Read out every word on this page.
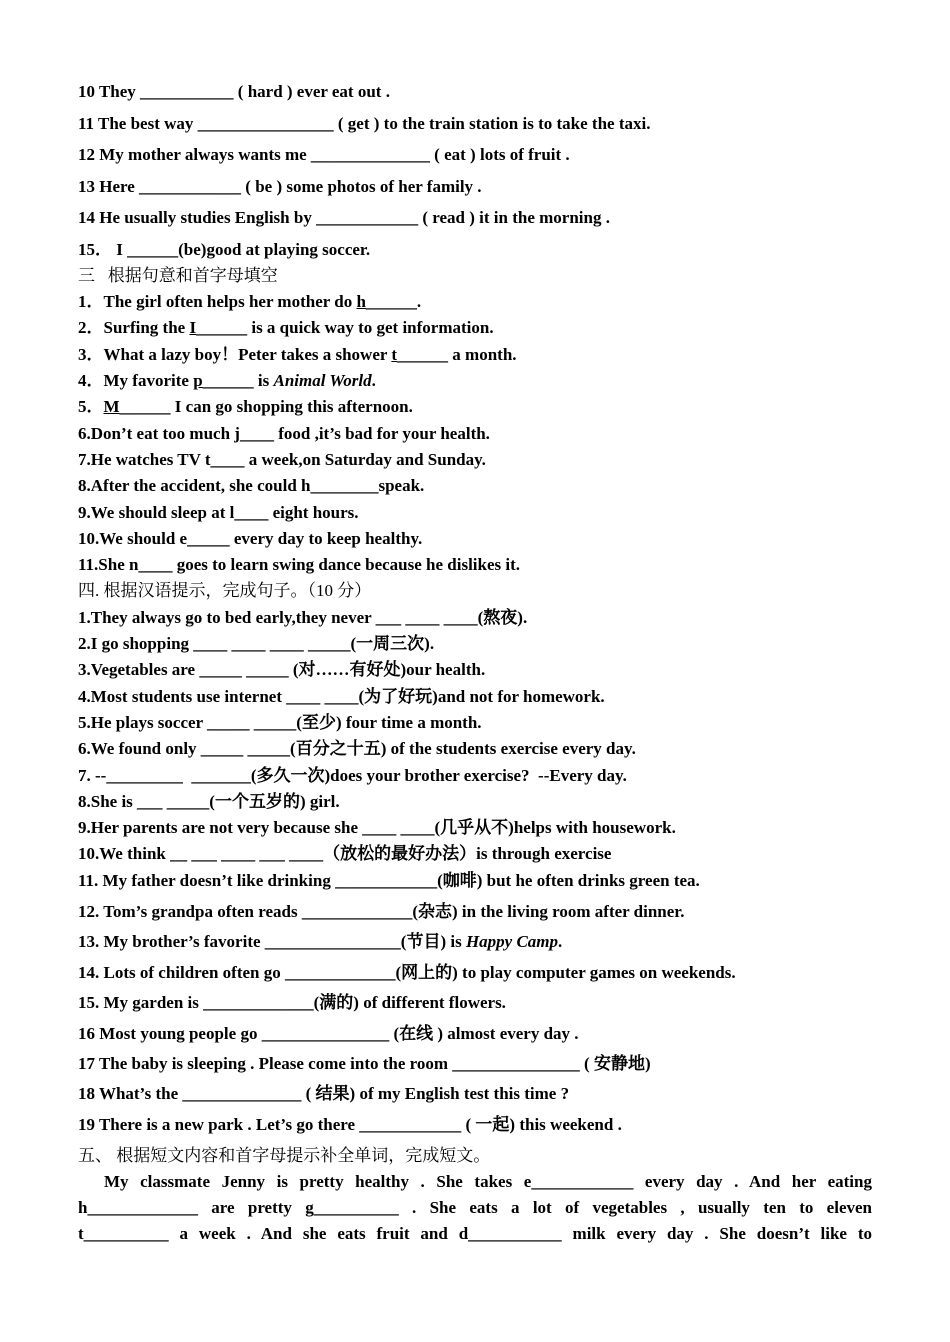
10 They ___________ ( hard ) ever eat out .
11 The best way ________________ ( get ) to the train station is to take the taxi.
12 My mother always wants me ______________ ( eat ) lots of fruit .
13 Here ____________ ( be ) some photos of her family .
14 He usually studies English by ____________ ( read ) it in the morning .
15． I ______(be)good at playing soccer.
三   根据句意和首字母填空
1．The girl often helps her mother do h______.
2．Surfing the I______ is a quick way to get information.
3．What a lazy boy！Peter takes a shower t______ a month.
4．My favorite p______ is Animal World.
5．M______ I can go shopping this afternoon.
6.Don’t eat too much j____ food ,it’s bad for your health.
7.He watches TV t____ a week,on Saturday and Sunday.
8.After the accident, she could h________speak.
9.We should sleep at l____ eight hours.
10.We should e_____ every day to keep healthy.
11.She n____ goes to learn swing dance because he dislikes it.
四. 根据汉语提示，完成句子。（10 分）
1.They always go to bed early,they never ___ ____ ____(熬夜).
2.I go shopping ____ ____ ____ _____(一周三次).
3.Vegetables are _____ _____ (对……有好处)our health.
4.Most students use internet ____ ____(为了好玩)and not for homework.
5.He plays soccer _____ _____(至少) four time a month.
6.We found only _____ _____(百分之十五) of the students exercise every day.
7. --_________  _______(多久一次)does your brother exercise?  --Every day.
8.She is ___ _____(一个五岁的) girl.
9.Her parents are not very because she ____ ____(几乎从不)helps with housework.
10.We think __ ___ ____ ___ ____（放松的最好办法）is through exercise
11. My father doesn’t like drinking ____________(咖啡) but he often drinks green tea.
12. Tom’s grandpa often reads _____________(杂志) in the living room after dinner.
13. My brother’s favorite ________________(节目) is Happy Camp.
14. Lots of children often go _____________(网上的) to play computer games on weekends.
15. My garden is _____________(满的) of different flowers.
16 Most young people go _______________ (在线 ) almost every day .
17 The baby is sleeping . Please come into the room _______________ ( 安静地)
18 What’s the ______________ ( 结果) of my English test this time ?
19 There is a new park . Let’s go there ____________ ( 一起) this weekend .
五、 根据短文内容和首字母提示补全单词，完成短文。
My classmate Jenny is pretty healthy . She takes e____________ every day . And her eating
h_____________ are pretty g__________ . She eats a lot of vegetables , usually ten to eleven
t__________ a week . And she eats fruit and d___________ milk every day . She doesn’t like to
